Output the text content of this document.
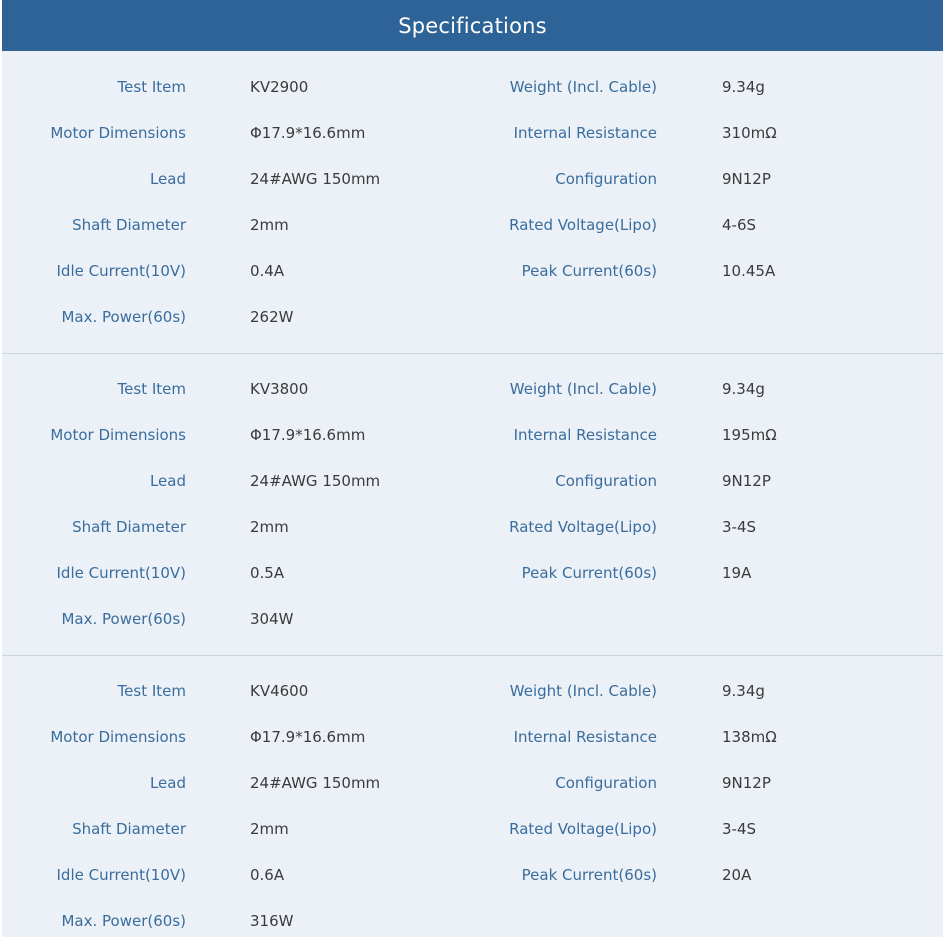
Specifications
Test Item	KV2900	Weight (Incl. Cable)	9.34g
Motor Dimensions	Φ17.9*16.6mm	Internal Resistance	310mΩ
Lead	24#AWG 150mm	Configuration	9N12P
Shaft Diameter	2mm	Rated Voltage(Lipo)	4-6S
Idle Current(10V)	0.4A	Peak Current(60s)	10.45A
Max. Power(60s)	262W
Test Item	KV3800	Weight (Incl. Cable)	9.34g
Motor Dimensions	Φ17.9*16.6mm	Internal Resistance	195mΩ
Lead	24#AWG 150mm	Configuration	9N12P
Shaft Diameter	2mm	Rated Voltage(Lipo)	3-4S
Idle Current(10V)	0.5A	Peak Current(60s)	19A
Max. Power(60s)	304W
Test Item	KV4600	Weight (Incl. Cable)	9.34g
Motor Dimensions	Φ17.9*16.6mm	Internal Resistance	138mΩ
Lead	24#AWG 150mm	Configuration	9N12P
Shaft Diameter	2mm	Rated Voltage(Lipo)	3-4S
Idle Current(10V)	0.6A	Peak Current(60s)	20A
Max. Power(60s)	316W
